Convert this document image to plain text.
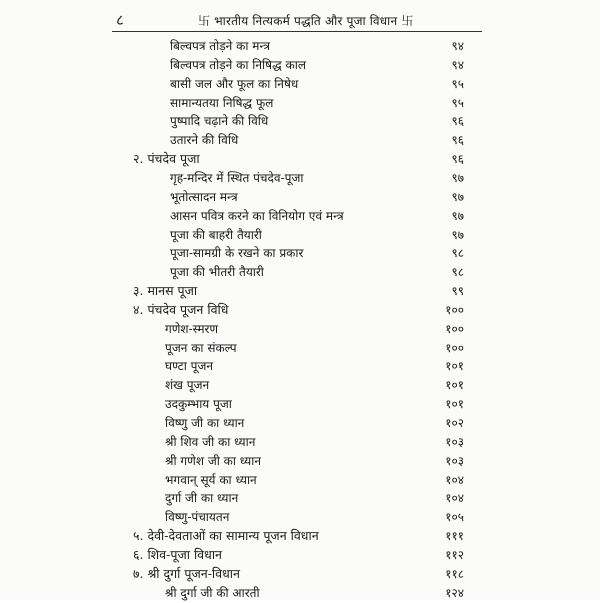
८	卐 भारतीय नित्यकर्म पद्धति और पूजा विधान 卐
बिल्वपत्र तोड़ने का मन्त्र	९४
बिल्वपत्र तोड़ने का निषिद्ध काल	९४
बासी जल और फूल का निषेध	९५
सामान्यतया निषिद्ध फूल	९५
पुष्पादि चढ़ाने की विधि	९६
उतारने की विधि	९६
२. पंचदेव पूजा	९६
गृह-मन्दिर में स्थित पंचदेव-पूजा	९७
भूतोत्सादन मन्त्र	९७
आसन पवित्र करने का विनियोग एवं मन्त्र	९७
पूजा की बाहरी तैयारी	९७
पूजा-सामग्री के रखने का प्रकार	९८
पूजा की भीतरी तैयारी	९८
३. मानस पूजा	९९
४. पंचदेव पूजन विधि	१००
गणेश-स्मरण	१००
पूजन का संकल्प	१००
घण्टा पूजन	१०१
शंख पूजन	१०१
उदकुम्भाय पूजा	१०१
विष्णु जी का ध्यान	१०२
श्री शिव जी का ध्यान	१०३
श्री गणेश जी का ध्यान	१०३
भगवान् सूर्य का ध्यान	१०४
दुर्गा जी का ध्यान	१०४
विष्णु-पंचायतन	१०५
५. देवी-देवताओं का सामान्य पूजन विधान	१११
६. शिव-पूजा विधान	११२
७. श्री दुर्गा पूजन-विधान	११८
श्री दुर्गा जी की आरती	१२४
